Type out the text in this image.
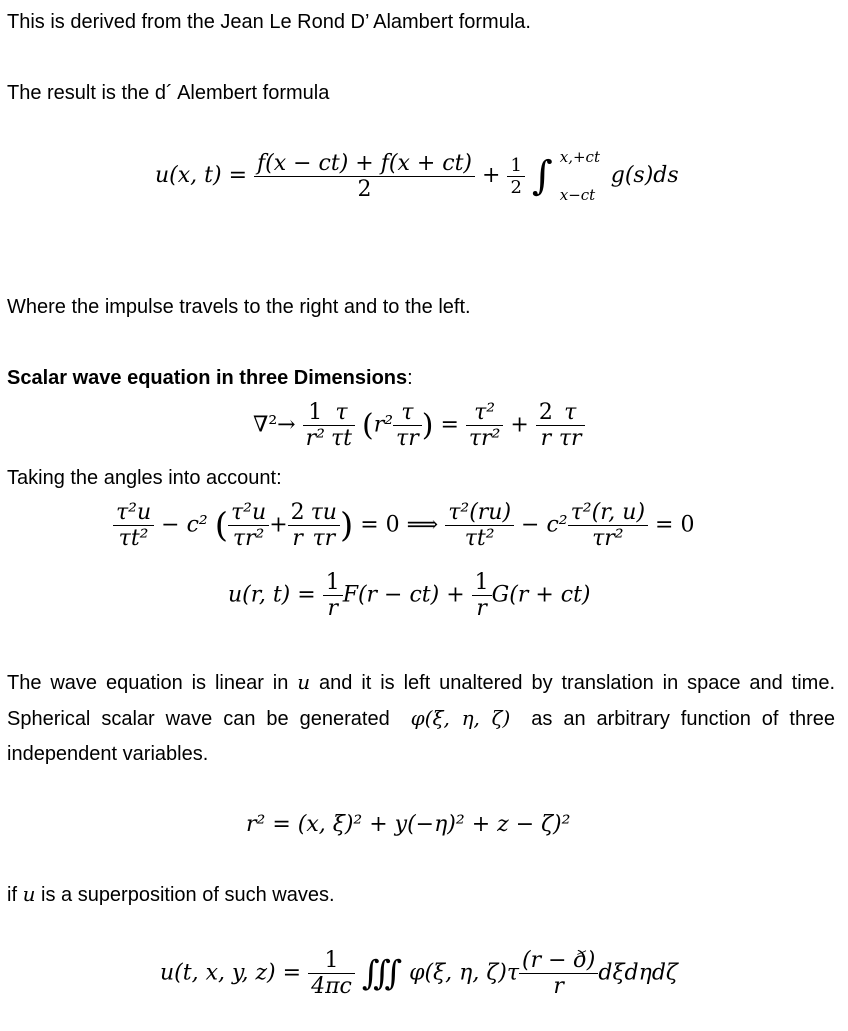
This is derived from the Jean Le Rond D’ Alambert formula.
The result is the d´ Alembert formula
u(x, $t) = \frac{f(x - ct) + f(x + ct)}{2} + \frac{1}{2}$ ∫ x,+ct
x−ct
g(s)ds
Where the impulse travels to the right and to the left.
Scalar wave equation in three Dimensions:
$\nabla^2\to \frac{1}{\text{r²}} \frac{\tau}{\tau t} (r^2 \frac{\tau}{\tau r}$ ) = $\frac{\text{τ²}}{\text{τr²}} + \frac{2}{r} \frac{\tau}{\tau r}$
Taking the angles into account:
$\frac{\text{τ²u}}{\text{τt²}} - c^2$ ( $\frac{\text{τ²u}}{\text{τr²}} + \frac{2}{r} \frac{\tau u}{\tau r}$ ) = 0 ⟹ $\frac{\text{τ²(ru)}}{\text{τt²}} - c^2 \frac{\text{τ²(r, u)}}{\text{τr²}} = 0$
u(r, $t) = \frac{1}{r} F(r - ct) + \frac{1}{r} G(r + ct)$
The wave equation is linear in u and it is left unaltered by translation in space and time. Spherical scalar wave can be generated φ(ξ, η, ζ) as an arbitrary function of three independent variables.
r² = (x, ξ)² + y(−η)² + z − ζ)²
if u is a superposition of such waves.
u(t, x, y, $z) = \frac{1}{4\pi c}$ ∭ φ(ξ, η, $\zeta)\tau \frac{(r - ð)}{r}$ dξdηdζ
